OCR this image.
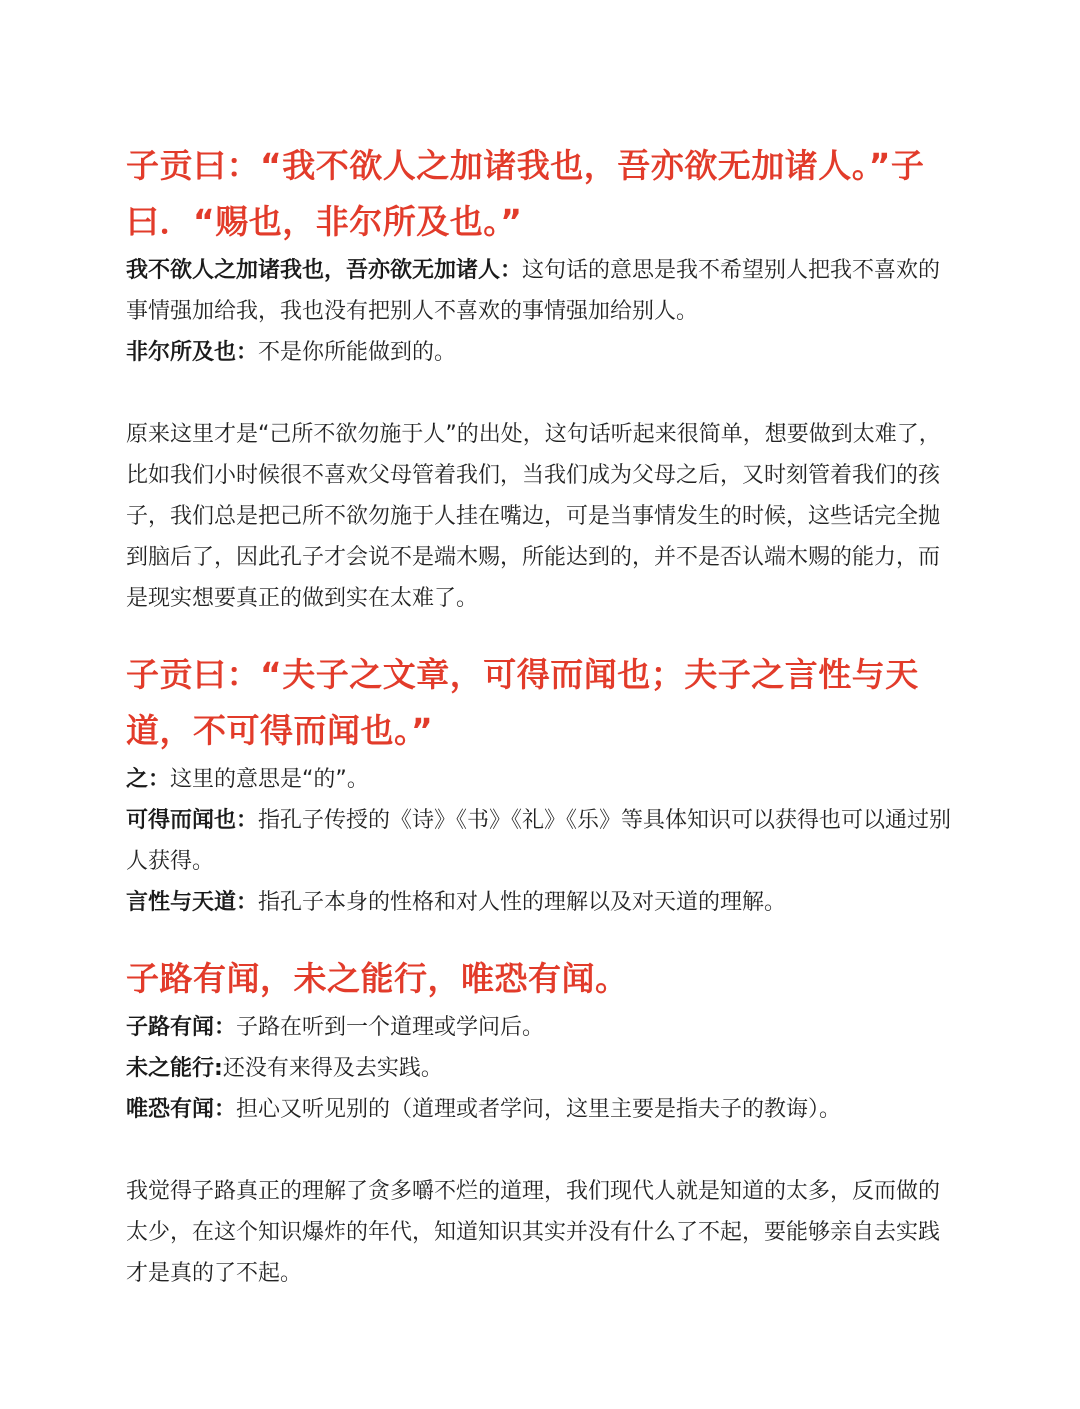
子贡曰：“我不欲人之加诸我也，吾亦欲无加诸人。”子曰．“赐也，非尔所及也。”

我不欲人之加诸我也，吾亦欲无加诸人：这句话的意思是我不希望别人把我不喜欢的事情强加给我，我也没有把别人不喜欢的事情强加给别人。

非尔所及也：不是你所能做到的。

原来这里才是“己所不欲勿施于人”的出处，这句话听起来很简单，想要做到太难了，比如我们小时候很不喜欢父母管着我们，当我们成为父母之后，又时刻管着我们的孩子，我们总是把己所不欲勿施于人挂在嘴边，可是当事情发生的时候，这些话完全抛到脑后了，因此孔子才会说不是端木赐，所能达到的，并不是否认端木赐的能力，而是现实想要真正的做到实在太难了。

子贡曰：“夫子之文章，可得而闻也；夫子之言性与天道，不可得而闻也。”

之：这里的意思是“的”。

可得而闻也：指孔子传授的《诗》《书》《礼》《乐》等具体知识可以获得也可以通过别人获得。

言性与天道：指孔子本身的性格和对人性的理解以及对天道的理解。

子路有闻，未之能行，唯恐有闻。

子路有闻：子路在听到一个道理或学问后。

未之能行:还没有来得及去实践。

唯恐有闻：担心又听见别的（道理或者学问，这里主要是指夫子的教诲）。

我觉得子路真正的理解了贪多嚼不烂的道理，我们现代人就是知道的太多，反而做的太少，在这个知识爆炸的年代，知道知识其实并没有什么了不起，要能够亲自去实践才是真的了不起。
